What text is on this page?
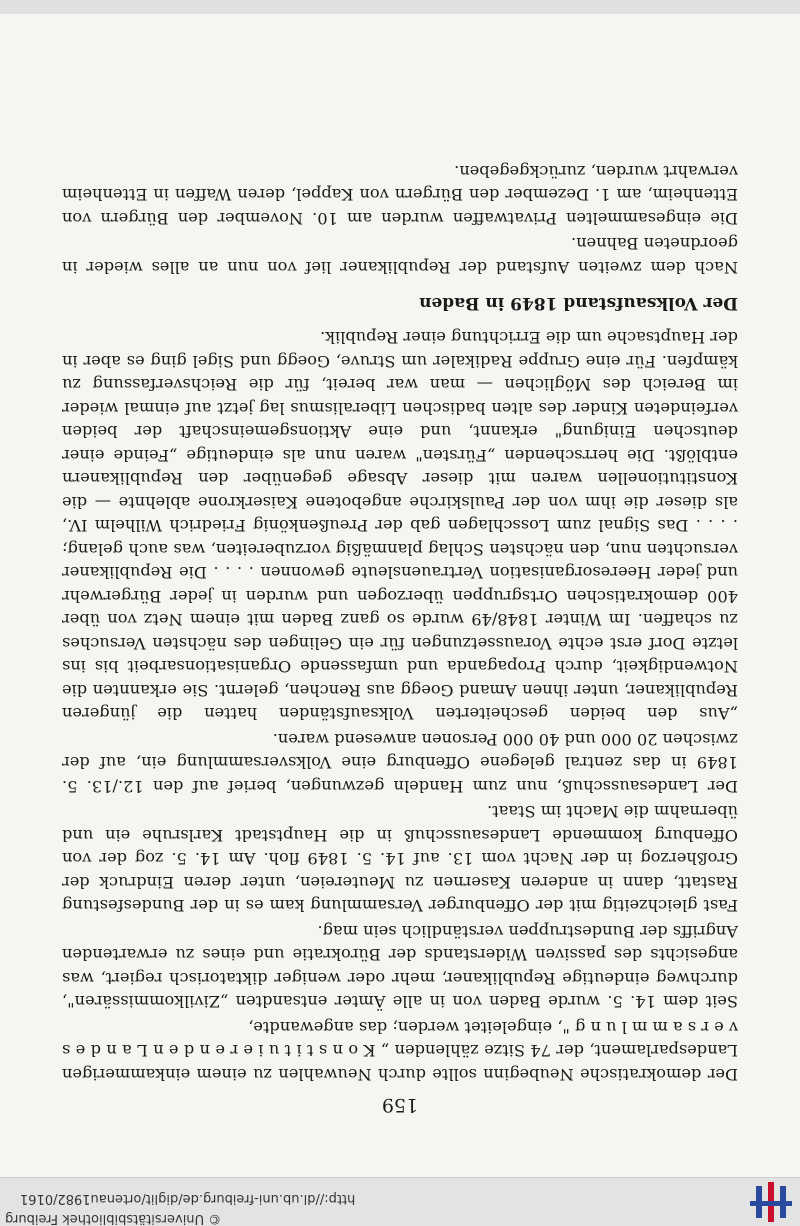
© Universitätsbibliothek Freiburg
http://dl.ub.uni-freiburg.de/diglit/ortenau1982/0161
159

Der demokratische Neubeginn sollte durch Neuwahlen zu einem einkammerigen Landesparlament, der 74 Sitze zählenden „ K o n s t i t u i e r e n d e n L a n d e s v e r s a m m l u n g ", eingeleitet werden; das angewandte,

Seit dem 14. 5. wurde Baden von in alle Ämter entsandten „Zivilkommissären", durchweg eindeutige Republikaner, mehr oder weniger diktatorisch regiert, was angesichts des passiven Widerstands der Bürokratie und eines zu erwartenden Angriffs der Bundestruppen verständlich sein mag.

Fast gleichzeitig mit der Offenburger Versammlung kam es in der Bundesfestung Rastatt, dann in anderen Kasernen zu Meutereien, unter deren Eindruck der Großherzog in der Nacht vom 13. auf 14. 5. 1849 floh. Am 14. 5. zog der von Offenburg kommende Landesausschuß in die Hauptstadt Karlsruhe ein und übernahm die Macht im Staat.

Der Landesausschuß, nun zum Handeln gezwungen, berief auf den 12./13. 5. 1849 in das zentral gelegene Offenburg eine Volksversammlung ein, auf der zwischen 20 000 und 40 000 Personen anwesend waren.

„Aus den beiden gescheiterten Volksaufständen hatten die jüngeren Republikaner, unter ihnen Amand Goegg aus Renchen, gelernt. Sie erkannten die Notwendigkeit, durch Propaganda und umfassende Organisationsarbeit bis ins letzte Dorf erst echte Voraussetzungen für ein Gelingen des nächsten Versuches zu schaffen. Im Winter 1848/49 wurde so ganz Baden mit einem Netz von über 400 demokratischen Ortsgruppen überzogen und wurden in jeder Bürgerwehr und jeder Heeresorganisation Vertrauensleute gewonnen . . . . Die Republikaner versuchten nun, den nächsten Schlag planmäßig vorzubereiten, was auch gelang; . . . . Das Signal zum Losschlagen gab der Preußenkönig Friedrich Wilhelm IV., als dieser die ihm von der Paulskirche angebotene Kaiserkrone ablehnte — die Konstitutionellen waren mit dieser Absage gegenüber den Republikanern entblößt. Die herrschenden „Fürsten" waren nun als eindeutige „Feinde einer deutschen Einigung" erkannt, und eine Aktionsgemeinschaft der beiden verfeindeten Kinder des alten badischen Liberalismus lag jetzt auf einmal wieder im Bereich des Möglichen — man war bereit, für die Reichsverfassung zu kämpfen. Für eine Gruppe Radikaler um Struve, Goegg und Sigel ging es aber in der Hauptsache um die Errichtung einer Republik.

Der Volksaufstand 1849 in Baden

Nach dem zweiten Aufstand der Republikaner lief von nun an alles wieder in geordneten Bahnen.

Die eingesammelten Privatwaffen wurden am 10. November den Bürgern von Ettenheim, am 1. Dezember den Bürgern von Kappel, deren Waffen in Ettenheim verwahrt wurden, zurückgegeben.
